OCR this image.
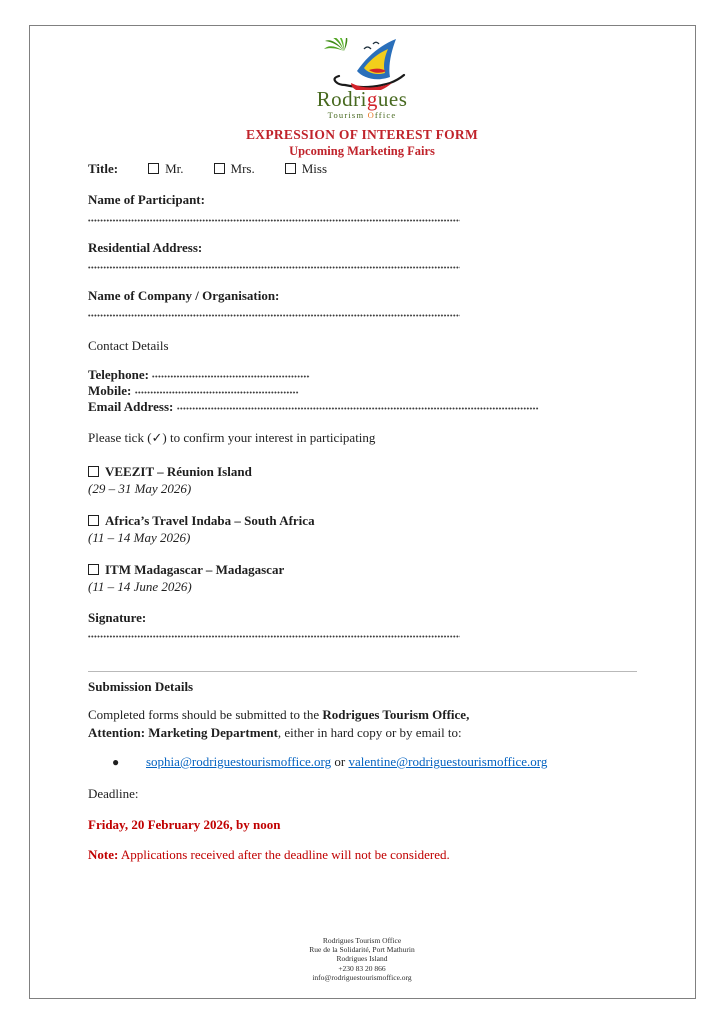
Rodrigues
Tourism Office
EXPRESSION OF INTEREST FORM
Upcoming Marketing Fairs
Title:	Mr.	Mrs.	Miss
Name of Participant:
Residential Address:
Name of Company / Organisation:
Contact Details
Telephone:
Mobile:
Email Address:
Please tick (✓) to confirm your interest in participating
VEEZIT – Réunion Island
(29 – 31 May 2026)
Africa’s Travel Indaba – South Africa
(11 – 14 May 2026)
ITM Madagascar – Madagascar
(11 – 14 June 2026)
Signature:
Submission Details
Completed forms should be submitted to the Rodrigues Tourism Office,
Attention: Marketing Department, either in hard copy or by email to:
● sophia@rodriguestourismoffice.org or valentine@rodriguestourismoffice.org
Deadline:
Friday, 20 February 2026, by noon
Note: Applications received after the deadline will not be considered.
Rodrigues Tourism Office
Rue de la Solidarité, Port Mathurin
Rodrigues Island
+230 83 20 866
info@rodriguestourismoffice.org
